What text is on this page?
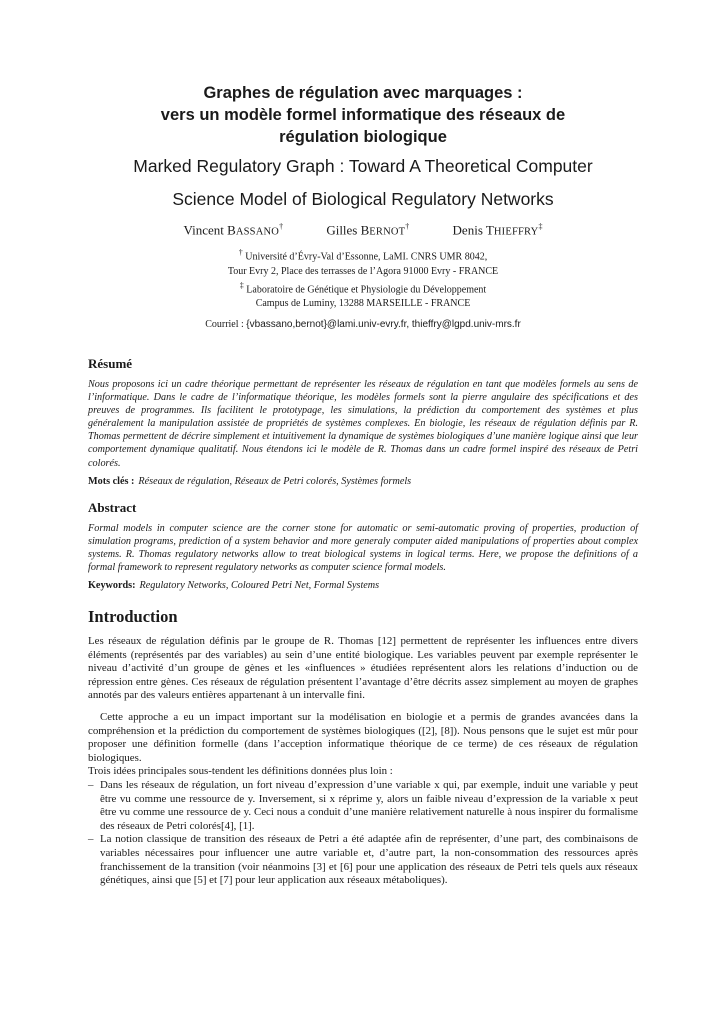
Graphes de régulation avec marquages :

vers un modèle formel informatique des réseaux de

régulation biologique

Marked Regulatory Graph : Toward A Theoretical Computer

Science Model of Biological Regulatory Networks

Vincent BASSANO†	Gilles BERNOT†	Denis THIEFFRY‡
† Université d’Évry-Val d’Essonne, LaMI. CNRS UMR 8042,
Tour Evry 2, Place des terrasses de l’Agora 91000 Evry - FRANCE
‡ Laboratoire de Génétique et Physiologie du Développement
Campus de Luminy, 13288 MARSEILLE - FRANCE
Courriel : {vbassano,bernot}@lami.univ-evry.fr, thieffry@lgpd.univ-mrs.fr
Résumé

Nous proposons ici un cadre théorique permettant de représenter les réseaux de régulation en tant que modèles formels au sens de l’informatique. Dans le cadre de l’informatique théorique, les modèles formels sont la pierre angulaire des spécifications et des preuves de programmes. Ils facilitent le prototypage, les simulations, la prédiction du comportement des systèmes et plus généralement la manipulation assistée de propriétés de systèmes complexes. En biologie, les réseaux de régulation définis par R. Thomas permettent de décrire simplement et intuitivement la dynamique de systèmes biologiques d’une manière logique ainsi que leur comportement dynamique qualitatif. Nous étendons ici le modèle de R. Thomas dans un cadre formel inspiré des réseaux de Petri colorés.

Mots clés : Réseaux de régulation, Réseaux de Petri colorés, Systèmes formels
Abstract

Formal models in computer science are the corner stone for automatic or semi-automatic proving of properties, production of simulation programs, prediction of a system behavior and more generaly computer aided manipulations of properties about complex systems. R. Thomas regulatory networks allow to treat biological systems in logical terms. Here, we propose the definitions of a formal framework to represent regulatory networks as computer science formal models.

Keywords: Regulatory Networks, Coloured Petri Net, Formal Systems
Introduction

Les réseaux de régulation définis par le groupe de R. Thomas [12] permettent de représenter les influences entre divers éléments (représentés par des variables) au sein d’une entité biologique. Les variables peuvent par exemple représenter le niveau d’activité d’un groupe de gènes et les «influences » étudiées représentent alors les relations d’induction ou de répression entre gènes. Ces réseaux de régulation présentent l’avantage d’être décrits assez simplement au moyen de graphes annotés par des valeurs entières appartenant à un intervalle fini.

Cette approche a eu un impact important sur la modélisation en biologie et a permis de grandes avancées dans la compréhension et la prédiction du comportement de systèmes biologiques ([2], [8]). Nous pensons que le sujet est mûr pour proposer une définition formelle (dans l’acception informatique théorique de ce terme) de ces réseaux de régulation biologiques.

Trois idées principales sous-tendent les définitions données plus loin :

– Dans les réseaux de régulation, un fort niveau d’expression d’une variable x qui, par exemple, induit une variable y peut être vu comme une ressource de y. Inversement, si x réprime y, alors un faible niveau d’expression de la variable x peut être vu comme une ressource de y. Ceci nous a conduit d’une manière relativement naturelle à nous inspirer du formalisme des réseaux de Petri colorés[4], [1].
– La notion classique de transition des réseaux de Petri a été adaptée afin de représenter, d’une part, des combinaisons de variables nécessaires pour influencer une autre variable et, d’autre part, la non-consommation des ressources après franchissement de la transition (voir néanmoins [3] et [6] pour une application des réseaux de Petri tels quels aux réseaux génétiques, ainsi que [5] et [7] pour leur application aux réseaux métaboliques).
